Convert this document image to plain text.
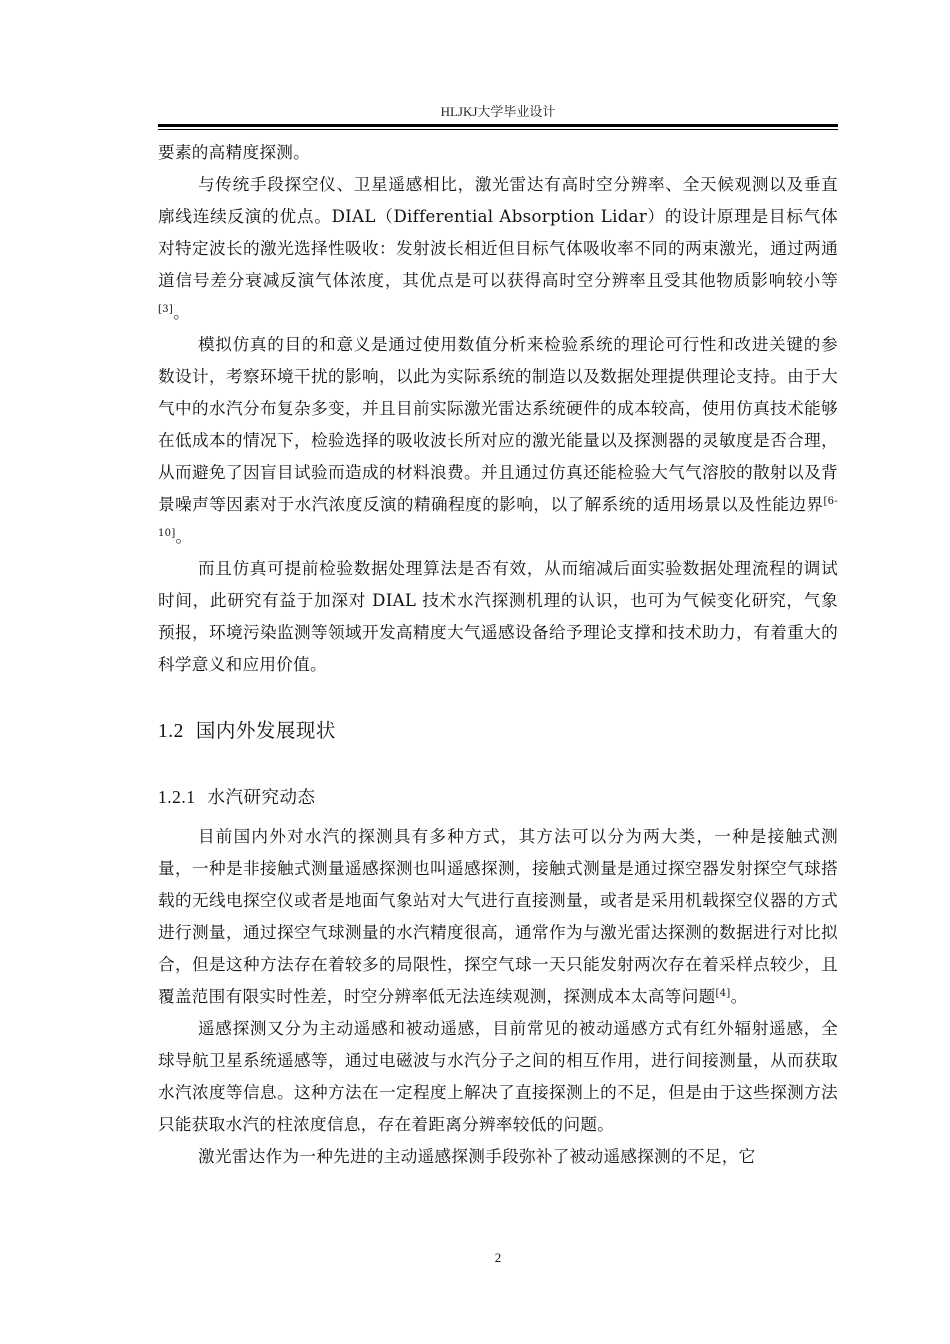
HLJKJ大学毕业设计

要素的高精度探测。

与传统手段探空仪、卫星遥感相比，激光雷达有高时空分辨率、全天候观测以及垂直廓线连续反演的优点。DIAL（Differential Absorption Lidar）的设计原理是目标气体对特定波长的激光选择性吸收：发射波长相近但目标气体吸收率不同的两束激光，通过两通道信号差分衰减反演气体浓度，其优点是可以获得高时空分辨率且受其他物质影响较小等[3]。

模拟仿真的目的和意义是通过使用数值分析来检验系统的理论可行性和改进关键的参数设计，考察环境干扰的影响，以此为实际系统的制造以及数据处理提供理论支持。由于大气中的水汽分布复杂多变，并且目前实际激光雷达系统硬件的成本较高，使用仿真技术能够在低成本的情况下，检验选择的吸收波长所对应的激光能量以及探测器的灵敏度是否合理，从而避免了因盲目试验而造成的材料浪费。并且通过仿真还能检验大气气溶胶的散射以及背景噪声等因素对于水汽浓度反演的精确程度的影响，以了解系统的适用场景以及性能边界[6-10]。

而且仿真可提前检验数据处理算法是否有效，从而缩减后面实验数据处理流程的调试时间，此研究有益于加深对 DIAL 技术水汽探测机理的认识，也可为气候变化研究，气象预报，环境污染监测等领域开发高精度大气遥感设备给予理论支撑和技术助力，有着重大的科学意义和应用价值。

1.2 国内外发展现状
1.2.1 水汽研究动态

目前国内外对水汽的探测具有多种方式，其方法可以分为两大类，一种是接触式测量，一种是非接触式测量遥感探测也叫遥感探测，接触式测量是通过探空器发射探空气球搭载的无线电探空仪或者是地面气象站对大气进行直接测量，或者是采用机载探空仪器的方式进行测量，通过探空气球测量的水汽精度很高，通常作为与激光雷达探测的数据进行对比拟合，但是这种方法存在着较多的局限性，探空气球一天只能发射两次存在着采样点较少，且覆盖范围有限实时性差，时空分辨率低无法连续观测，探测成本太高等问题[4]。

遥感探测又分为主动遥感和被动遥感，目前常见的被动遥感方式有红外辐射遥感，全球导航卫星系统遥感等，通过电磁波与水汽分子之间的相互作用，进行间接测量，从而获取水汽浓度等信息。这种方法在一定程度上解决了直接探测上的不足，但是由于这些探测方法只能获取水汽的柱浓度信息，存在着距离分辨率较低的问题。

激光雷达作为一种先进的主动遥感探测手段弥补了被动遥感探测的不足，它

2
